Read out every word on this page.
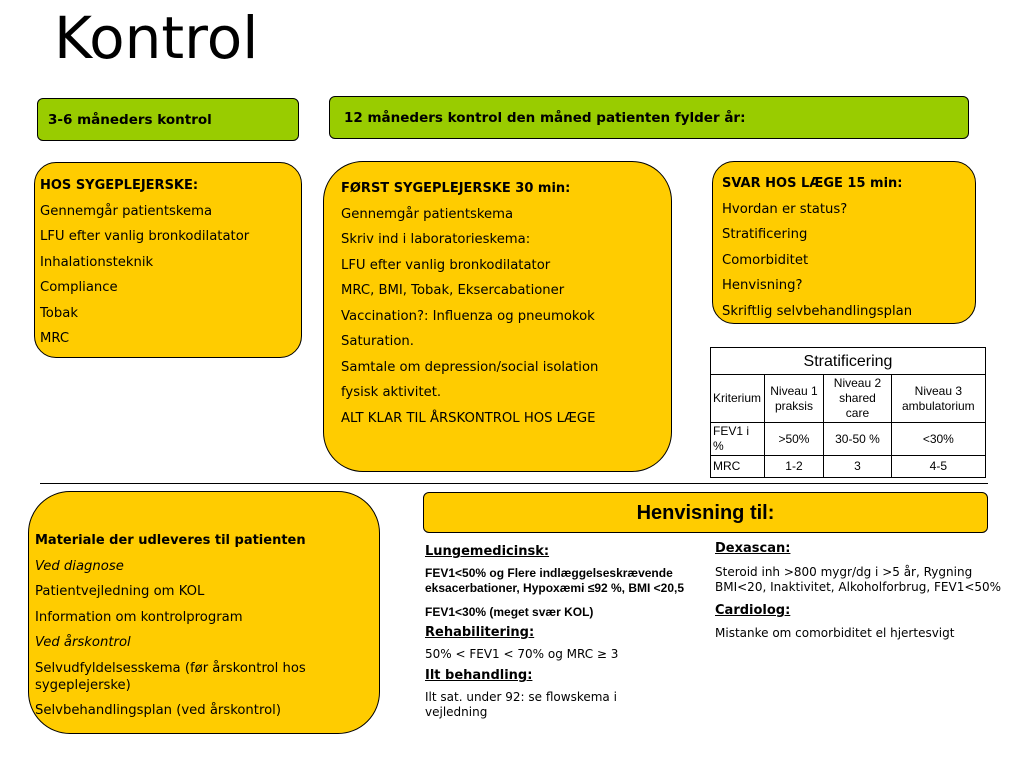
Kontrol
3-6 måneders kontrol	12 måneders kontrol den måned patienten fylder år:
HOS SYGEPLEJERSKE:
Gennemgår patientskema
LFU efter vanlig bronkodilatator
Inhalationsteknik
Compliance
Tobak
MRC
FØRST SYGEPLEJERSKE 30 min:
Gennemgår patientskema
Skriv ind i laboratorieskema:
LFU efter vanlig bronkodilatator
MRC, BMI, Tobak, Eksercabationer
Vaccination?: Influenza og pneumokok
Saturation.
Samtale om depression/social isolation
fysisk aktivitet.
ALT KLAR TIL ÅRSKONTROL HOS LÆGE
SVAR HOS LÆGE 15 min:
Hvordan er status?
Stratificering
Comorbiditet
Henvisning?
Skriftlig selvbehandlingsplan
Stratificering			
Kriterium	Niveau 1 praksis	Niveau 2 shared care	Niveau 3 ambulatorium
FEV1 i %	>50%	30-50 %	<30%
MRC	1-2	3	4-5
Materiale der udleveres til patienten
Ved diagnose
Patientvejledning om KOL
Information om kontrolprogram
Ved årskontrol
Selvudfyldelsesskema (før årskontrol hos sygeplejerske)
Selvbehandlingsplan (ved årskontrol)
Henvisning til:
Lungemedicinsk:
FEV1<50% og Flere indlæggelseskrævende eksacerbationer, Hypoxæmi ≤92 %, BMI <20,5
FEV1<30% (meget svær KOL)
Rehabilitering:
50% < FEV1 < 70% og MRC ≥ 3
Ilt behandling:
Ilt sat. under 92: se flowskema i vejledning
Dexascan:
Steroid inh >800 mygr/dg i >5 år, Rygning BMI<20, Inaktivitet, Alkoholforbrug, FEV1<50%
Cardiolog:
Mistanke om comorbiditet el hjertesvigt
